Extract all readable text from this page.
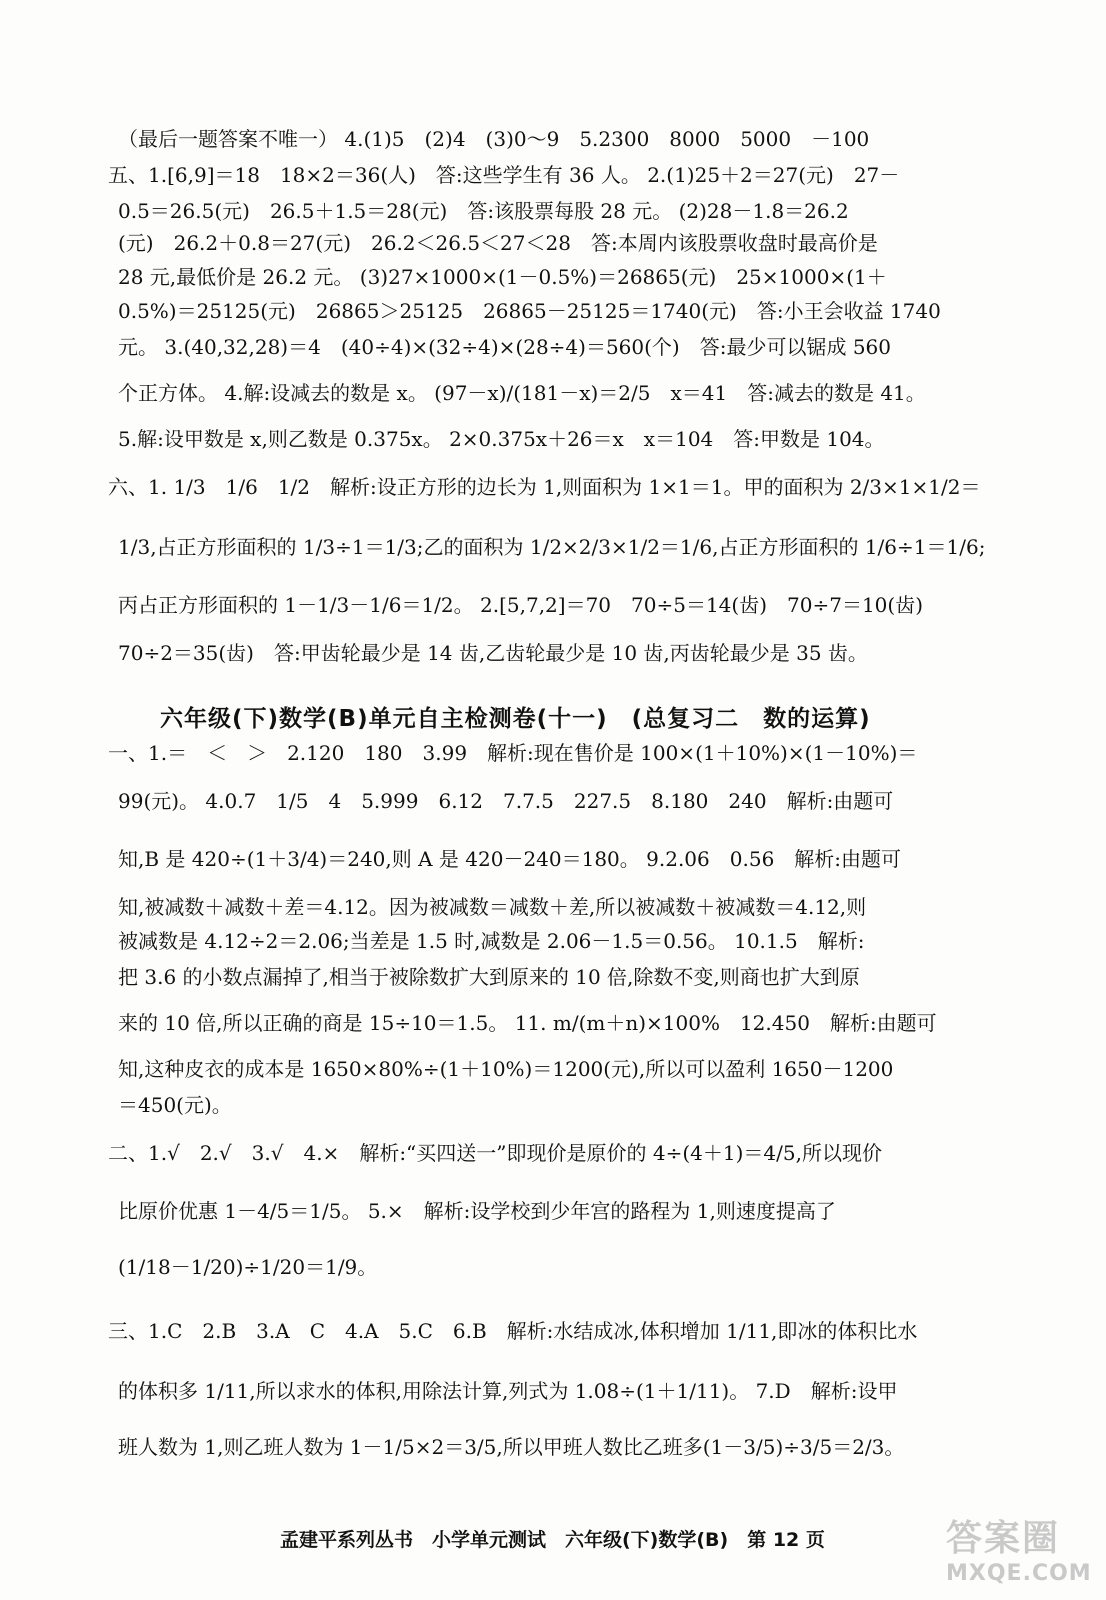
（最后一题答案不唯一） 4.(1)5　(2)4　(3)0～9　5.2300　8000　5000　－100
五、1.[6,9]＝18　18×2＝36(人)　答:这些学生有 36 人。 2.(1)25＋2＝27(元)　27－
0.5＝26.5(元)　26.5＋1.5＝28(元)　答:该股票每股 28 元。 (2)28－1.8＝26.2
(元)　26.2＋0.8＝27(元)　26.2＜26.5＜27＜28　答:本周内该股票收盘时最高价是
28 元,最低价是 26.2 元。 (3)27×1000×(1－0.5%)＝26865(元)　25×1000×(1＋
0.5%)＝25125(元)　26865＞25125　26865－25125＝1740(元)　答:小王会收益 1740
元。 3.(40,32,28)＝4　(40÷4)×(32÷4)×(28÷4)＝560(个)　答:最少可以锯成 560
个正方体。 4.解:设减去的数是 x。 (97－x)/(181－x)＝2/5　x＝41　答:减去的数是 41。
5.解:设甲数是 x,则乙数是 0.375x。 2×0.375x＋26＝x　x＝104　答:甲数是 104。
六、1. 1/3　1/6　1/2　解析:设正方形的边长为 1,则面积为 1×1＝1。甲的面积为 2/3×1×1/2＝
1/3,占正方形面积的 1/3÷1＝1/3;乙的面积为 1/2×2/3×1/2＝1/6,占正方形面积的 1/6÷1＝1/6;
丙占正方形面积的 1－1/3－1/6＝1/2。 2.[5,7,2]＝70　70÷5＝14(齿)　70÷7＝10(齿)
70÷2＝35(齿)　答:甲齿轮最少是 14 齿,乙齿轮最少是 10 齿,丙齿轮最少是 35 齿。
六年级(下)数学(B)单元自主检测卷(十一)　(总复习二　数的运算)
一、1.＝　＜　＞　2.120　180　3.99　解析:现在售价是 100×(1＋10%)×(1－10%)＝
99(元)。 4.0.7　1/5　4　5.999　6.12　7.7.5　227.5　8.180　240　解析:由题可
知,B 是 420÷(1＋3/4)＝240,则 A 是 420－240＝180。 9.2.06　0.56　解析:由题可
知,被减数＋减数＋差＝4.12。因为被减数＝减数＋差,所以被减数＋被减数＝4.12,则
被减数是 4.12÷2＝2.06;当差是 1.5 时,减数是 2.06－1.5＝0.56。 10.1.5　解析:
把 3.6 的小数点漏掉了,相当于被除数扩大到原来的 10 倍,除数不变,则商也扩大到原
来的 10 倍,所以正确的商是 15÷10＝1.5。 11. m/(m＋n)×100%　12.450　解析:由题可
知,这种皮衣的成本是 1650×80%÷(1＋10%)＝1200(元),所以可以盈利 1650－1200
＝450(元)。
二、1.√　2.√　3.√　4.×　解析:“买四送一”即现价是原价的 4÷(4＋1)＝4/5,所以现价
比原价优惠 1－4/5＝1/5。 5.×　解析:设学校到少年宫的路程为 1,则速度提高了
(1/18－1/20)÷1/20＝1/9。
三、1.C　2.B　3.A　C　4.A　5.C　6.B　解析:水结成冰,体积增加 1/11,即冰的体积比水
的体积多 1/11,所以求水的体积,用除法计算,列式为 1.08÷(1＋1/11)。 7.D　解析:设甲
班人数为 1,则乙班人数为 1－1/5×2＝3/5,所以甲班人数比乙班多(1－3/5)÷3/5＝2/3。
孟建平系列丛书　小学单元测试　六年级(下)数学(B)　第 12 页	答案圈
MXQE.COM
